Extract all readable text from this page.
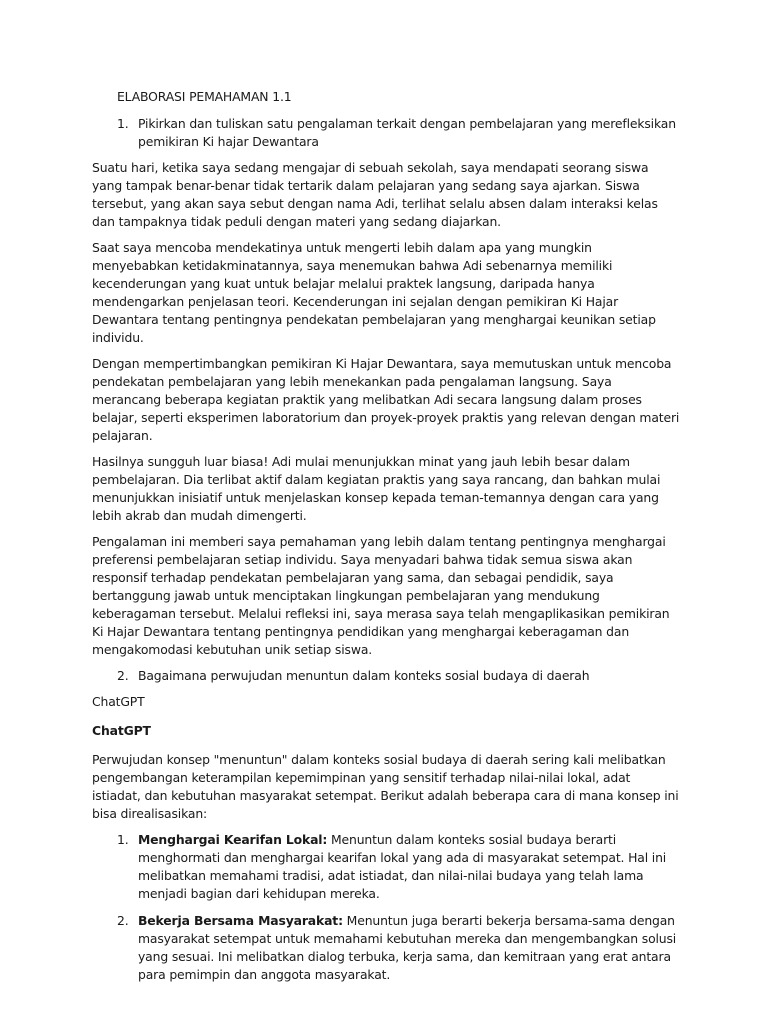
ELABORASI PEMAHAMAN 1.1

1. Pikirkan dan tuliskan satu pengalaman terkait dengan pembelajaran yang merefleksikan pemikiran Ki hajar Dewantara

Suatu hari, ketika saya sedang mengajar di sebuah sekolah, saya mendapati seorang siswa yang tampak benar-benar tidak tertarik dalam pelajaran yang sedang saya ajarkan. Siswa tersebut, yang akan saya sebut dengan nama Adi, terlihat selalu absen dalam interaksi kelas dan tampaknya tidak peduli dengan materi yang sedang diajarkan.

Saat saya mencoba mendekatinya untuk mengerti lebih dalam apa yang mungkin menyebabkan ketidakminatannya, saya menemukan bahwa Adi sebenarnya memiliki kecenderungan yang kuat untuk belajar melalui praktek langsung, daripada hanya mendengarkan penjelasan teori. Kecenderungan ini sejalan dengan pemikiran Ki Hajar Dewantara tentang pentingnya pendekatan pembelajaran yang menghargai keunikan setiap individu.

Dengan mempertimbangkan pemikiran Ki Hajar Dewantara, saya memutuskan untuk mencoba pendekatan pembelajaran yang lebih menekankan pada pengalaman langsung. Saya merancang beberapa kegiatan praktik yang melibatkan Adi secara langsung dalam proses belajar, seperti eksperimen laboratorium dan proyek-proyek praktis yang relevan dengan materi pelajaran.

Hasilnya sungguh luar biasa! Adi mulai menunjukkan minat yang jauh lebih besar dalam pembelajaran. Dia terlibat aktif dalam kegiatan praktis yang saya rancang, dan bahkan mulai menunjukkan inisiatif untuk menjelaskan konsep kepada teman-temannya dengan cara yang lebih akrab dan mudah dimengerti.

Pengalaman ini memberi saya pemahaman yang lebih dalam tentang pentingnya menghargai preferensi pembelajaran setiap individu. Saya menyadari bahwa tidak semua siswa akan responsif terhadap pendekatan pembelajaran yang sama, dan sebagai pendidik, saya bertanggung jawab untuk menciptakan lingkungan pembelajaran yang mendukung keberagaman tersebut. Melalui refleksi ini, saya merasa saya telah mengaplikasikan pemikiran Ki Hajar Dewantara tentang pentingnya pendidikan yang menghargai keberagaman dan mengakomodasi kebutuhan unik setiap siswa.

2. Bagaimana perwujudan menuntun dalam konteks sosial budaya di daerah

ChatGPT

ChatGPT

Perwujudan konsep "menuntun" dalam konteks sosial budaya di daerah sering kali melibatkan pengembangan keterampilan kepemimpinan yang sensitif terhadap nilai-nilai lokal, adat istiadat, dan kebutuhan masyarakat setempat. Berikut adalah beberapa cara di mana konsep ini bisa direalisasikan:

1. Menghargai Kearifan Lokal: Menuntun dalam konteks sosial budaya berarti menghormati dan menghargai kearifan lokal yang ada di masyarakat setempat. Hal ini melibatkan memahami tradisi, adat istiadat, dan nilai-nilai budaya yang telah lama menjadi bagian dari kehidupan mereka.
2. Bekerja Bersama Masyarakat: Menuntun juga berarti bekerja bersama-sama dengan masyarakat setempat untuk memahami kebutuhan mereka dan mengembangkan solusi yang sesuai. Ini melibatkan dialog terbuka, kerja sama, dan kemitraan yang erat antara para pemimpin dan anggota masyarakat.
